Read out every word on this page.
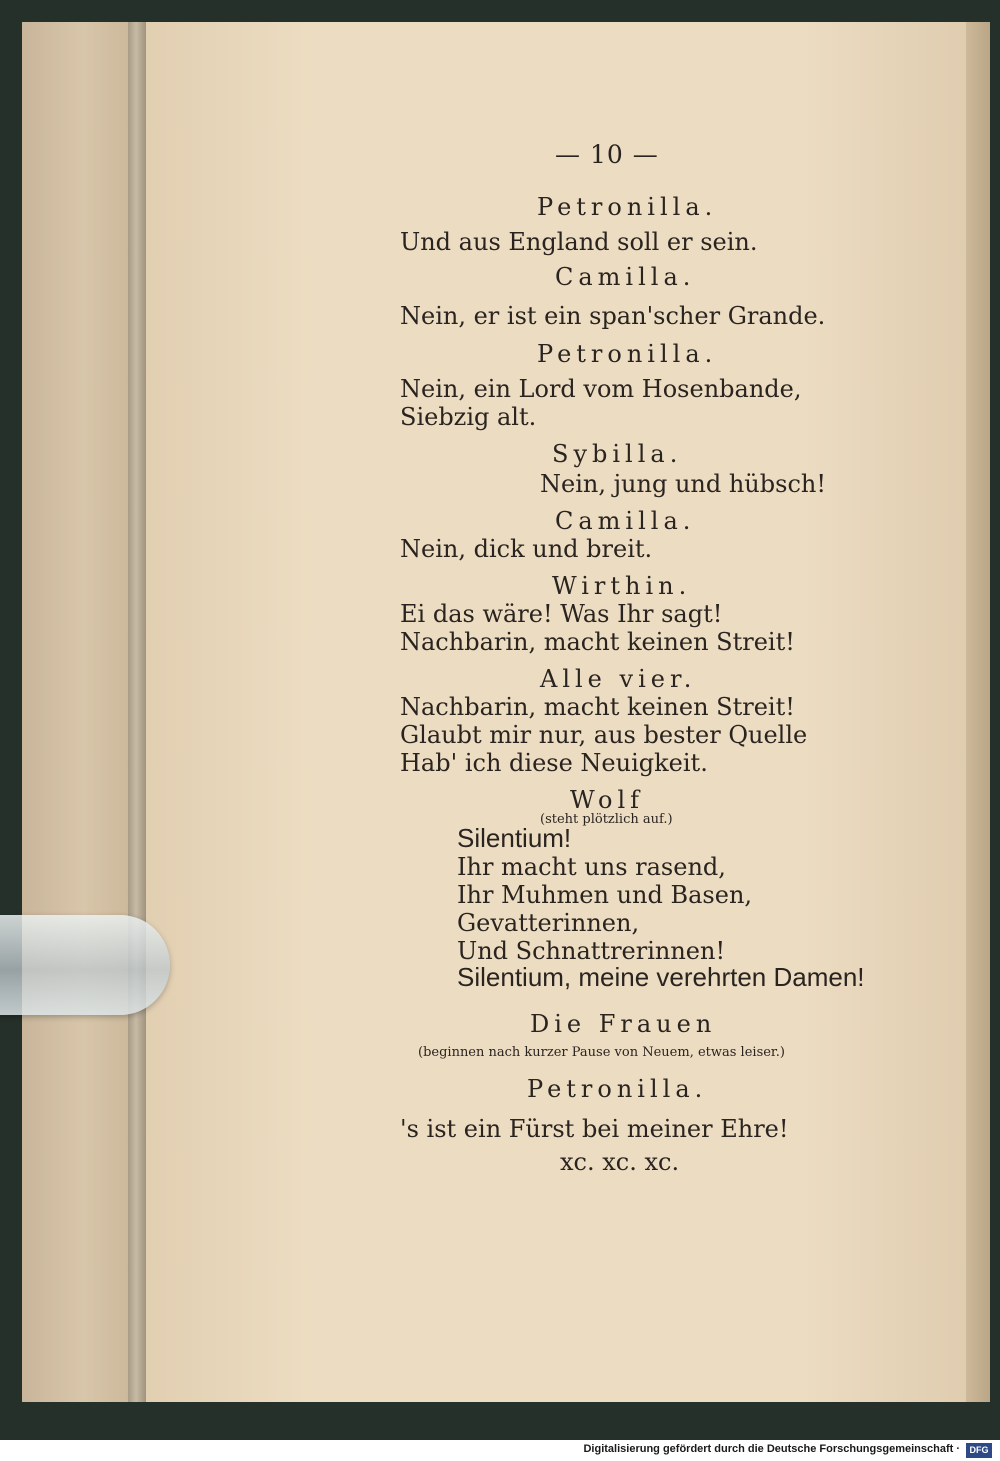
— 10 —
Petronilla.
Und aus England soll er sein.
Camilla.
Nein, er ist ein span'scher Grande.
Petronilla.
Nein, ein Lord vom Hosenbande,
Siebzig alt.
Sybilla.
Nein, jung und hübsch!
Camilla.
Nein, dick und breit.
Wirthin.
Ei das wäre! Was Ihr sagt!
Nachbarin, macht keinen Streit!
Alle vier.
Nachbarin, macht keinen Streit!
Glaubt mir nur, aus bester Quelle
Hab' ich diese Neuigkeit.
Wolf
(steht plötzlich auf.)
Silentium!
Ihr macht uns rasend,
Ihr Muhmen und Basen,
Gevatterinnen,
Und Schnattrerinnen!
Silentium, meine verehrten Damen!
Die Frauen
(beginnen nach kurzer Pause von Neuem, etwas leiser.)
Petronilla.
's ist ein Fürst bei meiner Ehre!
xc. xc. xc.
Digitalisierung gefördert durch die Deutsche Forschungsgemeinschaft ·	DFG
